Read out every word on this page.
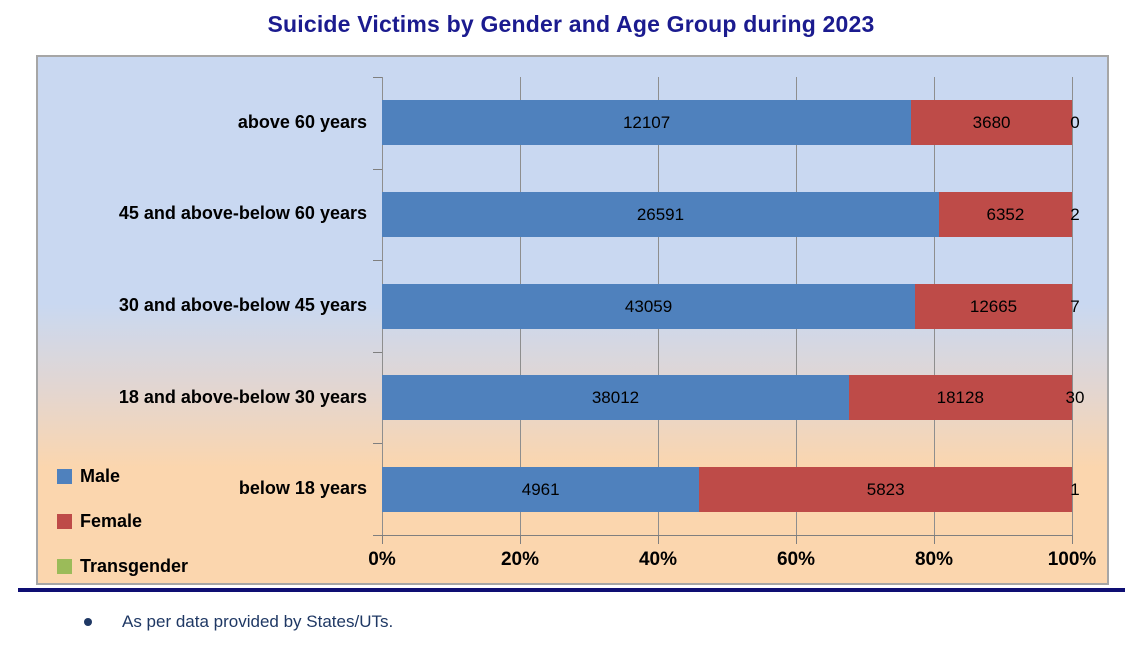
Suicide Victims by Gender and Age Group during 2023
0%	20%	40%	60%	80%	100%
12107	3680	0
above 60 years
26591	6352	2
45 and above-below 60 years
43059	12665	7
30 and above-below 45 years
38012	18128	30
18 and above-below 30 years
4961	5823	1
below 18 years
Male
Female
Transgender
As per data provided by States/UTs.
